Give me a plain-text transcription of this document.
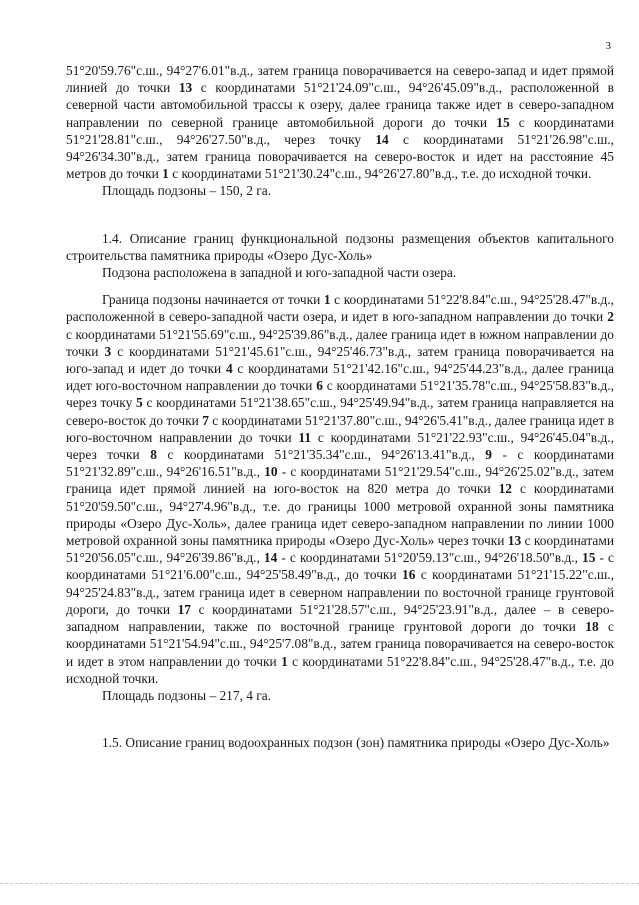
3

51°20'59.76"с.ш., 94°27'6.01"в.д., затем граница поворачивается на северо-запад и идет прямой линией до точки 13 с координатами 51°21'24.09"с.ш., 94°26'45.09"в.д., расположенной в северной части автомобильной трассы к озеру, далее граница также идет в северо-западном направлении по северной границе автомобильной дороги до точки 15 с координатами 51°21'28.81"с.ш., 94°26'27.50"в.д., через точку 14 с координатами 51°21'26.98"с.ш., 94°26'34.30"в.д., затем граница поворачивается на северо-восток и идет на расстояние 45 метров до точки 1 с координатами 51°21'30.24"с.ш., 94°26'27.80"в.д., т.е. до исходной точки.

Площадь подзоны – 150, 2 га.

1.4. Описание границ функциональной подзоны размещения объектов капитального строительства памятника природы «Озеро Дус-Холь»

Подзона расположена в западной и юго-западной части озера.

Граница подзоны начинается от точки 1 с координатами 51°22'8.84"с.ш., 94°25'28.47"в.д., расположенной в северо-западной части озера, и идет в юго-западном направлении до точки 2 с координатами 51°21'55.69"с.ш., 94°25'39.86"в.д., далее граница идет в южном направлении до точки 3 с координатами 51°21'45.61"с.ш., 94°25'46.73"в.д., затем граница поворачивается на юго-запад и идет до точки 4 с координатами 51°21'42.16"с.ш., 94°25'44.23"в.д., далее граница идет юго-восточном направлении до точки 6 с координатами 51°21'35.78"с.ш., 94°25'58.83"в.д., через точку 5 с координатами 51°21'38.65"с.ш., 94°25'49.94"в.д., затем граница направляется на северо-восток до точки 7 с координатами 51°21'37.80"с.ш., 94°26'5.41"в.д., далее граница идет в юго-восточном направлении до точки 11 с координатами 51°21'22.93"с.ш., 94°26'45.04"в.д., через точки 8 с координатами 51°21'35.34"с.ш., 94°26'13.41"в.д., 9 - с координатами 51°21'32.89"с.ш., 94°26'16.51"в.д., 10 - с координатами 51°21'29.54"с.ш., 94°26'25.02"в.д., затем граница идет прямой линией на юго-восток на 820 метра до точки 12 с координатами 51°20'59.50"с.ш., 94°27'4.96"в.д., т.е. до границы 1000 метровой охранной зоны памятника природы «Озеро Дус-Холь», далее граница идет северо-западном направлении по линии 1000 метровой охранной зоны памятника природы «Озеро Дус-Холь» через точки 13 с координатами 51°20'56.05"с.ш., 94°26'39.86"в.д., 14 - с координатами 51°20'59.13"с.ш., 94°26'18.50"в.д., 15 - с координатами 51°21'6.00"с.ш., 94°25'58.49"в.д., до точки 16 с координатами 51°21'15.22"с.ш., 94°25'24.83"в.д., затем граница идет в северном направлении по восточной границе грунтовой дороги, до точки 17 с координатами 51°21'28.57"с.ш., 94°25'23.91"в.д., далее – в северо-западном направлении, также по восточной границе грунтовой дороги до точки 18 с координатами 51°21'54.94"с.ш., 94°25'7.08"в.д., затем граница поворачивается на северо-восток и идет в этом направлении до точки 1 с координатами 51°22'8.84"с.ш., 94°25'28.47"в.д., т.е. до исходной точки.

Площадь подзоны – 217, 4 га.

1.5. Описание границ водоохранных подзон (зон) памятника природы «Озеро Дус-Холь»
